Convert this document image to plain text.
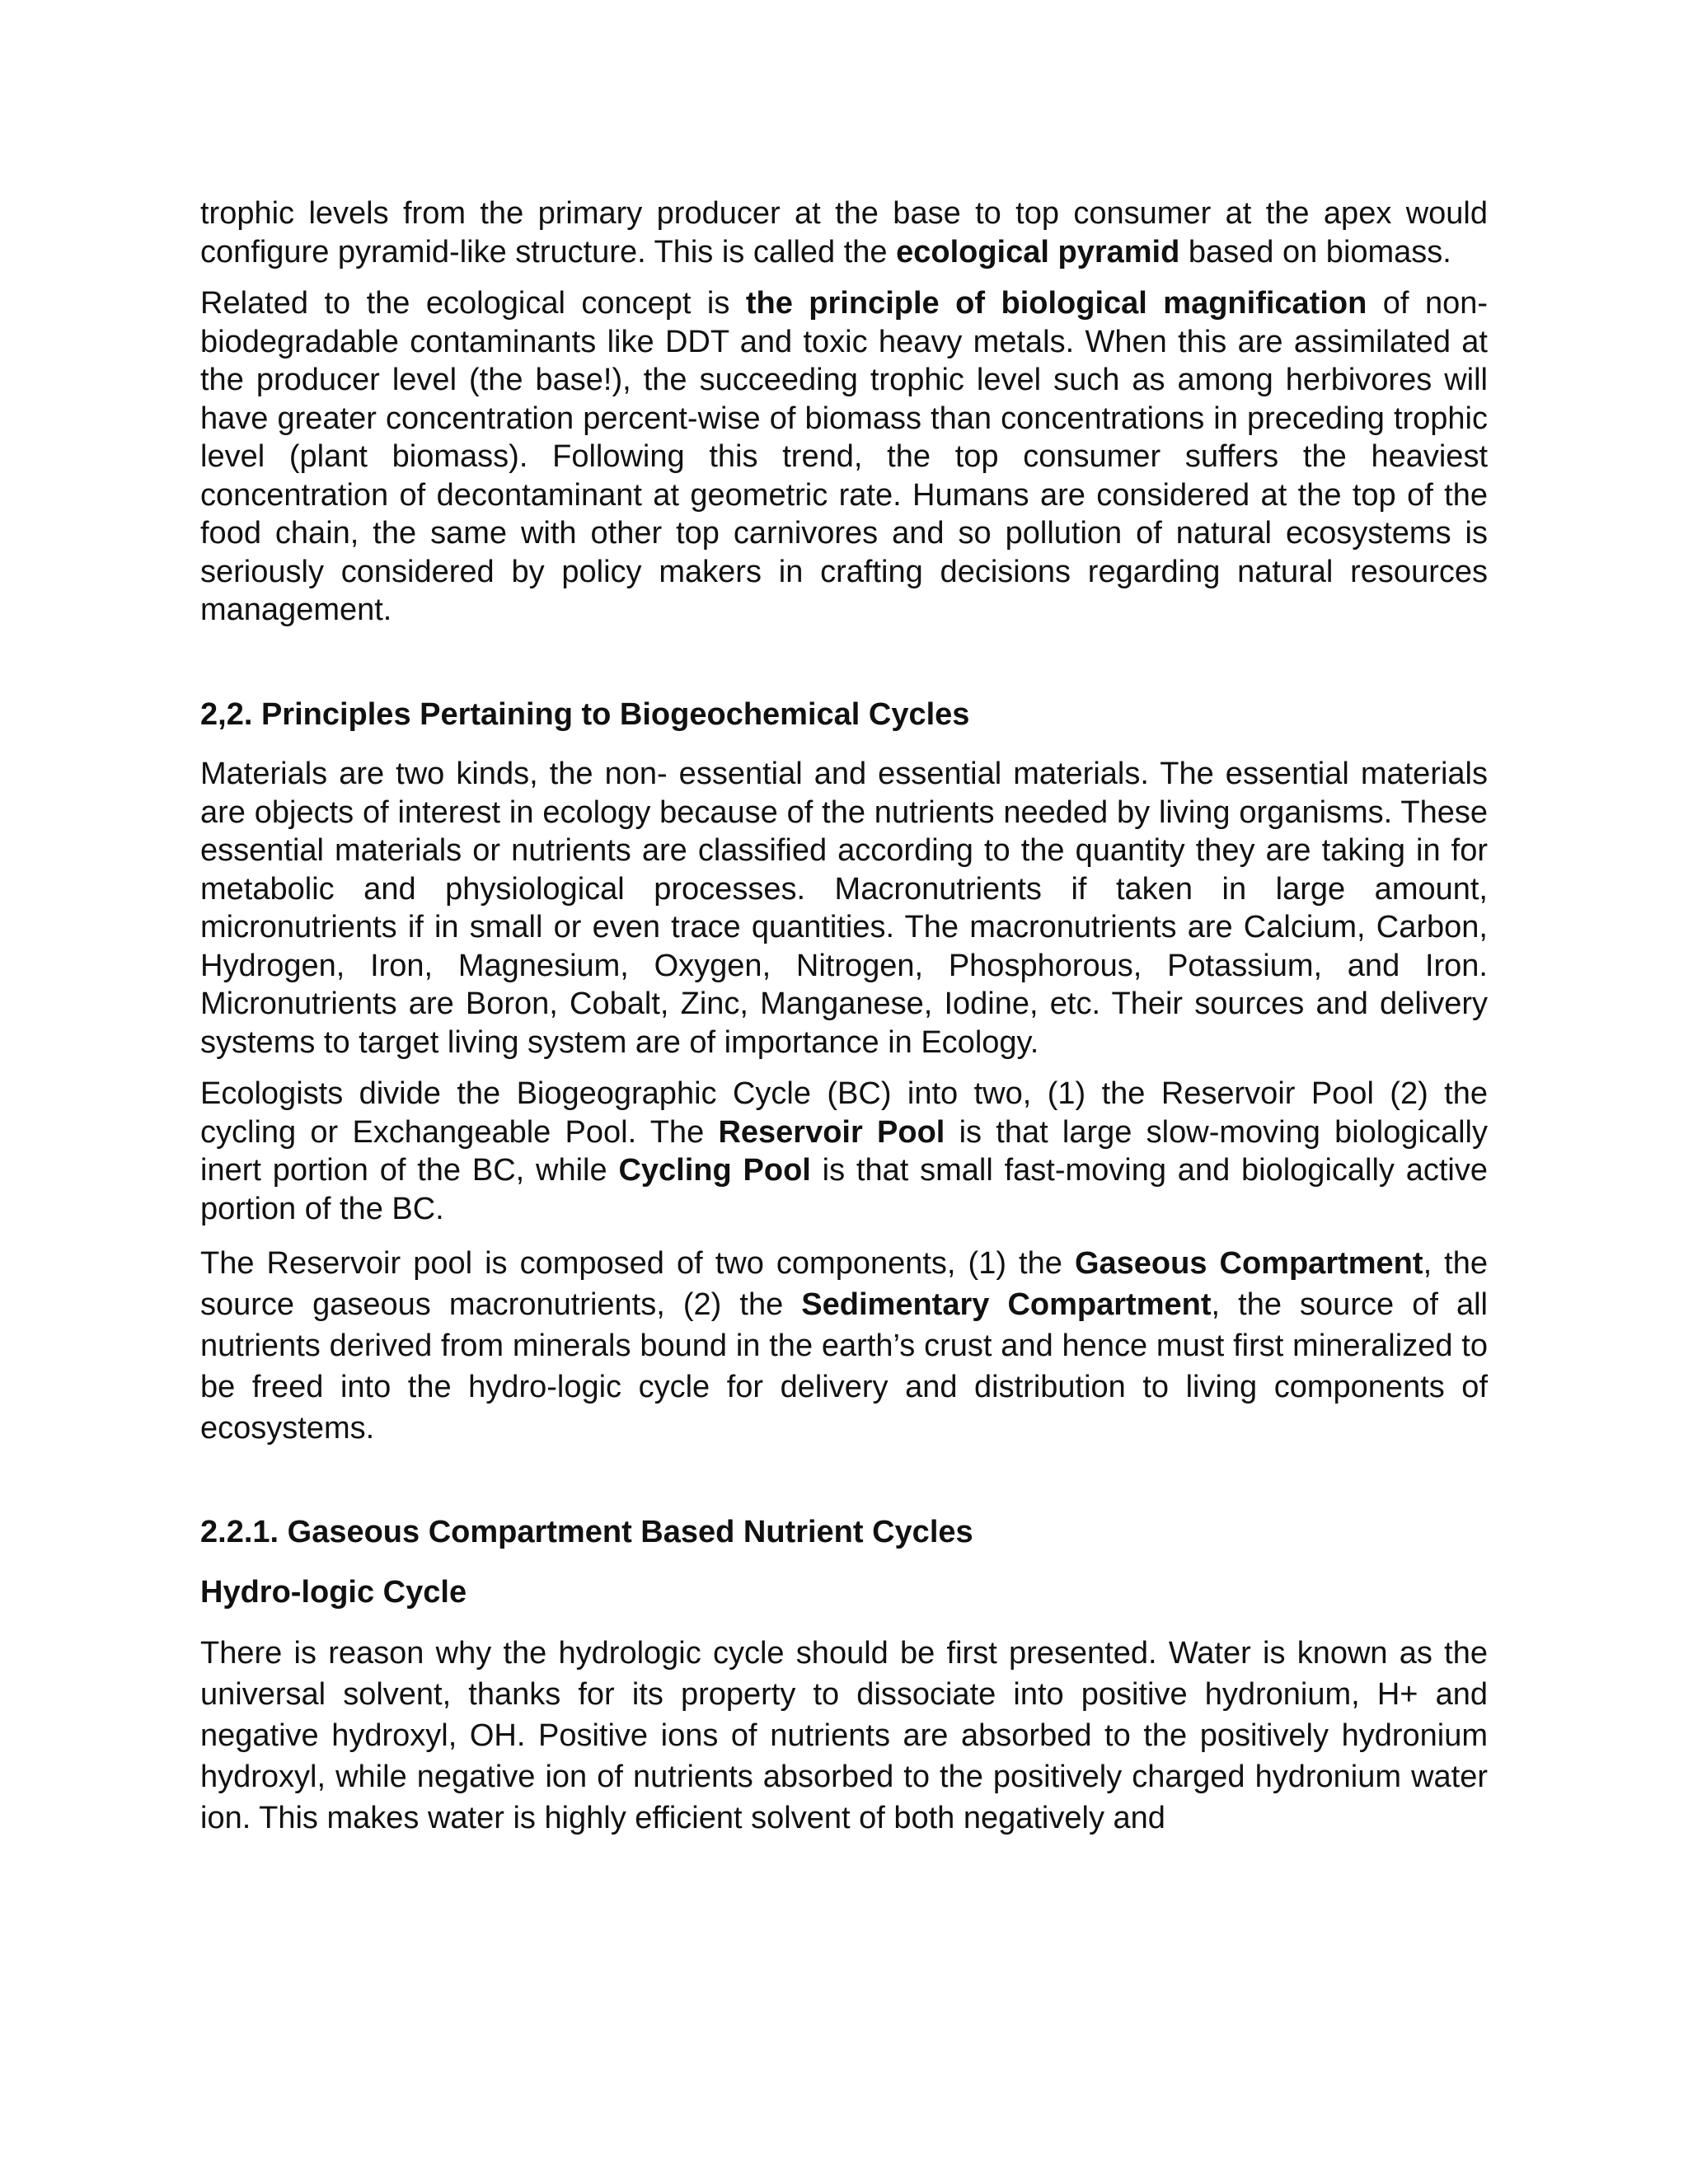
trophic levels from the primary producer at the base to top consumer at the apex would configure pyramid-like structure. This is called the ecological pyramid based on biomass.

Related to the ecological concept is the principle of biological magnification of non-biodegradable contaminants like DDT and toxic heavy metals. When this are assimilated at the producer level (the base!), the succeeding trophic level such as among herbivores will have greater concentration percent-wise of biomass than concentrations in preceding trophic level (plant biomass). Following this trend, the top consumer suffers the heaviest concentration of decontaminant at geometric rate. Humans are considered at the top of the food chain, the same with other top carnivores and so pollution of natural ecosystems is seriously considered by policy makers in crafting decisions regarding natural resources management.

2,2. Principles Pertaining to Biogeochemical Cycles

Materials are two kinds, the non- essential and essential materials. The essential materials are objects of interest in ecology because of the nutrients needed by living organisms. These essential materials or nutrients are classified according to the quantity they are taking in for metabolic and physiological processes. Macronutrients if taken in large amount, micronutrients if in small or even trace quantities. The macronutrients are Calcium, Carbon, Hydrogen, Iron, Magnesium, Oxygen, Nitrogen, Phosphorous, Potassium, and Iron. Micronutrients are Boron, Cobalt, Zinc, Manganese, Iodine, etc. Their sources and delivery systems to target living system are of importance in Ecology.

Ecologists divide the Biogeographic Cycle (BC) into two, (1) the Reservoir Pool (2) the cycling or Exchangeable Pool. The Reservoir Pool is that large slow-moving biologically inert portion of the BC, while Cycling Pool is that small fast-moving and biologically active portion of the BC.

The Reservoir pool is composed of two components, (1) the Gaseous Compartment, the source gaseous macronutrients, (2) the Sedimentary Compartment, the source of all nutrients derived from minerals bound in the earth’s crust and hence must first mineralized to be freed into the hydro-logic cycle for delivery and distribution to living components of ecosystems.

2.2.1. Gaseous Compartment Based Nutrient Cycles
Hydro-logic Cycle

There is reason why the hydrologic cycle should be first presented. Water is known as the universal solvent, thanks for its property to dissociate into positive hydronium, H+ and negative hydroxyl, OH. Positive ions of nutrients are absorbed to the positively hydronium hydroxyl, while negative ion of nutrients absorbed to the positively charged hydronium water ion. This makes water is highly efficient solvent of both negatively and
